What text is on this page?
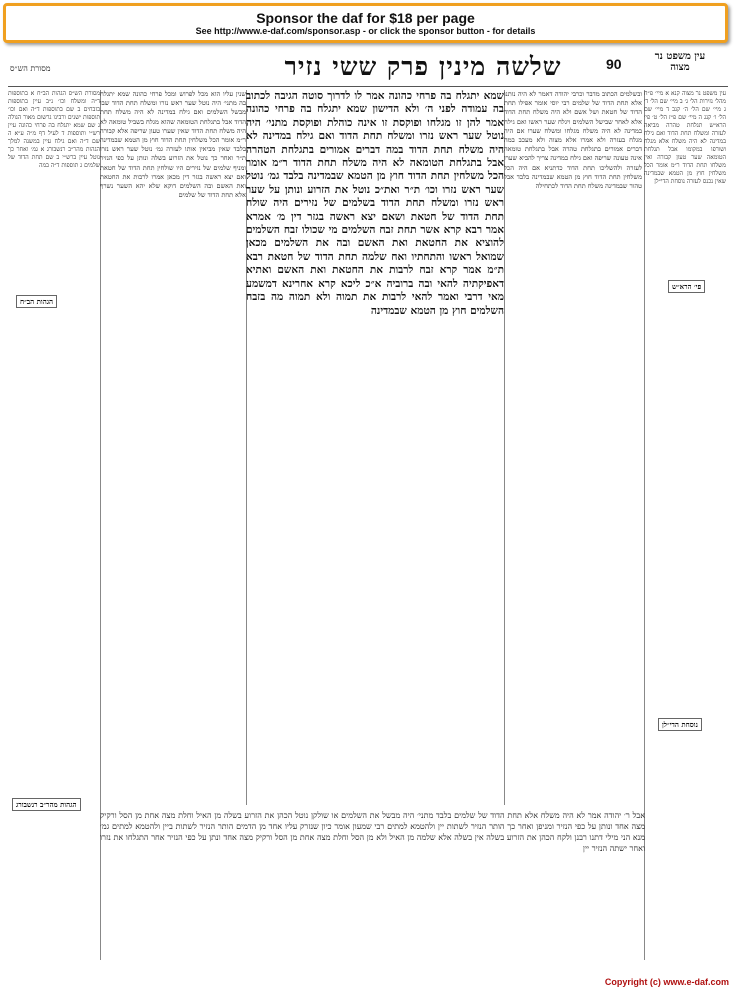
Sponsor the daf for $18 per page
See http://www.e-daf.com/sponsor.asp - or click the sponsor button - for details
מסורת הש״ס	שלשה מינין פרק ששי נזיר	90	עין משפט נר מצוה
מסורת הש״ס הגהות הב״ח א בתוספות ד״ה ומשלח וכו׳ נ״ב עיין בתוספות בזבחים ב שם בתוספות ד״ה ואם וכו׳ תוספות ישנים ורבינו גרשום מאור הגולה ג שם שמא יתגלח בה פרחי כהונה עיין רש״י ותוספות ד לעיל דף מ״ה ע״א ה שם ד״ה ואם גילח עיין במשנה למלך הגהות מהר״ב רנשבורג א גמ׳ ואחר כך נוטל עיין ברש״י ב שם תחת הדוד של שלמים ג תוספות ד״ה במה
הגהות הב״ח
הגהות מהר״ב רנשבורג
שנין עליו הוא מכל לפרוש ומכל פרחי כהונה שמא יתגלח בה מתני׳ היה נוטל שער ראש נזרו ומשלח תחת הדוד שבו מבשל השלמים ואם גילח במדינה לא היה משלח תחת הדוד אבל בתגלחת הטומאה שהוא מגלח בשביל טומאה לא היה משלח תחת הדוד שאין שערו טעון שריפה אלא קבורה ר״מ אומר הכל משלחין תחת הדוד חוץ מן הטמא שבמדינה בלבד שאין מביאין אותו לעזרה גמ׳ נוטל שער ראש נזרו ת״ר ואחר כך נוטל את הזרוע בשלה ונותן על כפי הנזיר ומניף שלמים של נזירים היו שולחין תחת הדוד של חטאת ואם יצא ראשה בגזר דין מכאן אמרו לרבות את החטאת ואת האשם ובה השלמים דוקא שלא יהא השער נשרף אלא תחת הדוד של שלמים
שמא יתגלח בה פרחי כהונה אמר לו לדרוך סוטה הגיבה לכתוב בה עמודה לפני ה׳ ולא הדישון שמא יתגלח בה פרחי כהונה אמר להן זו מגלחו ופוקסת זו אינה כוהלת ופוקסת מתני׳ היה נוטל שער ראש נזרו ומשלח תחת הדוד ואם גילח במדינה לא היה משלח תחת הדוד במה דברים אמורים בתגלחת הטהרה אבל בתגלחת הטומאה לא היה משלח תחת הדוד ר״מ אומר הכל משלחין תחת הדוד חוץ מן הטמא שבמדינה בלבד גמ׳ נוטל שער ראש נזרו וכו׳ ת״ר ואת״כ נוטל את הזרוע ונותן על שער ראש נזרו ומשלח תחת הדוד בשלמים של נזירים היה שולח תחת הדוד של חטאת ושאם יצא ראשה בגזר דין מ׳ אמרא אמר רבא קרא אשר תחת זבח השלמים מי שכולו זבח השלמים להוציא את החטאת ואת האשם ובה את השלמים מכאן שמואל ראשו והתחתיו ואח שלמה תחת הדוד של חטאת רבא ת״מ אמר קרא זבח לרבות את החטאת ואת האשם ואתיא דאפיקתיה להאי ובה ברוביה א״כ ליכא קרא אחרינא דמשמע מאי דרבי ואמר להאי לרבות את תמוה ולא תמוה מה בזבח השלמים חוץ מן הטמא שבמדינה
ובשלמים הכתוב מדבר וכרבי יהודה דאמר לא היה נותנו אלא תחת הדוד של שלמים רבי יוסי אומר אפילו תחת הדוד של חטאת ושל אשם ולא היה משלח תחת הדוד אלא לאחר שבישל השלמים ויגלח שער ראשו ואם גילח במדינה לא היה משלח מגלחו ומשלח שערו אם היה מגלח בעזרה ולא אמרו אלא מצוה ולא מעכב במה דברים אמורים בתגלחת טהרה אבל בתגלחת טומאה אינה טעונה שריפה ואם גילח במדינה צריך להביא שערו לעזרה ולהשליכו תחת הדוד כדתניא אם היה הכל משלחין תחת הדוד חוץ מן הטמא שבמדינה בלבד אבל טהור שבמדינה משלח תחת הדוד לכתחילה
עין משפט נר מצוה קנא א מיי׳ פ״ח מהל׳ נזירות הל׳ ג׳ ב מיי׳ שם הל׳ ד׳ ג מיי׳ שם הל׳ ה׳ קנב ד מיי׳ שם הל׳ ו׳ קנג ה מיי׳ שם פ״ז הל׳ ט׳ פי׳ הרא״ש תגלחת טהרה מביאה לעזרה ומשלח תחת הדוד ואם גילח במדינה לא היה משלח אלא מגלח ושורפו במקומו אבל תגלחת הטומאה שער טעון קבורה ואין משלחו תחת הדוד ר״מ אומר הכל משלחין חוץ מן הטמא שבמדינה שאין נכנס לעזרה נוסחת הדי״לן
פי׳ הרא״ש
נוסחת הדי״לן
אבל ר׳ יהודה אמר לא היה משלח אלא תחת הדוד של שלמים בלבד מתני׳ היה מבשל את השלמים או שולקן נוטל הכהן את הזרוע בשלה מן האיל וחלת מצה אחת מן הסל ורקיק מצה אחד ונותן על כפי הנזיר ומניפן ואחר כך הותר הנזיר לשתות יין ולהטמא למתים רבי שמעון אומר כיון שנזרק עליו אחד מן הדמים הותר הנזיר לשתות ביין ולהטמא למתים גמ׳ מנא הני מילי דתנו רבנן ולקח הכהן את הזרוע בשלה אין בשלה אלא שלמה מן האיל ולא מן הסל וחלת מצה אחת מן הסל ורקיק מצה אחד ונתן על כפי הנזיר אחר התגלחו את נזרו ואחר ישתה הנזיר יין
Copyright (c) www.e-daf.com
